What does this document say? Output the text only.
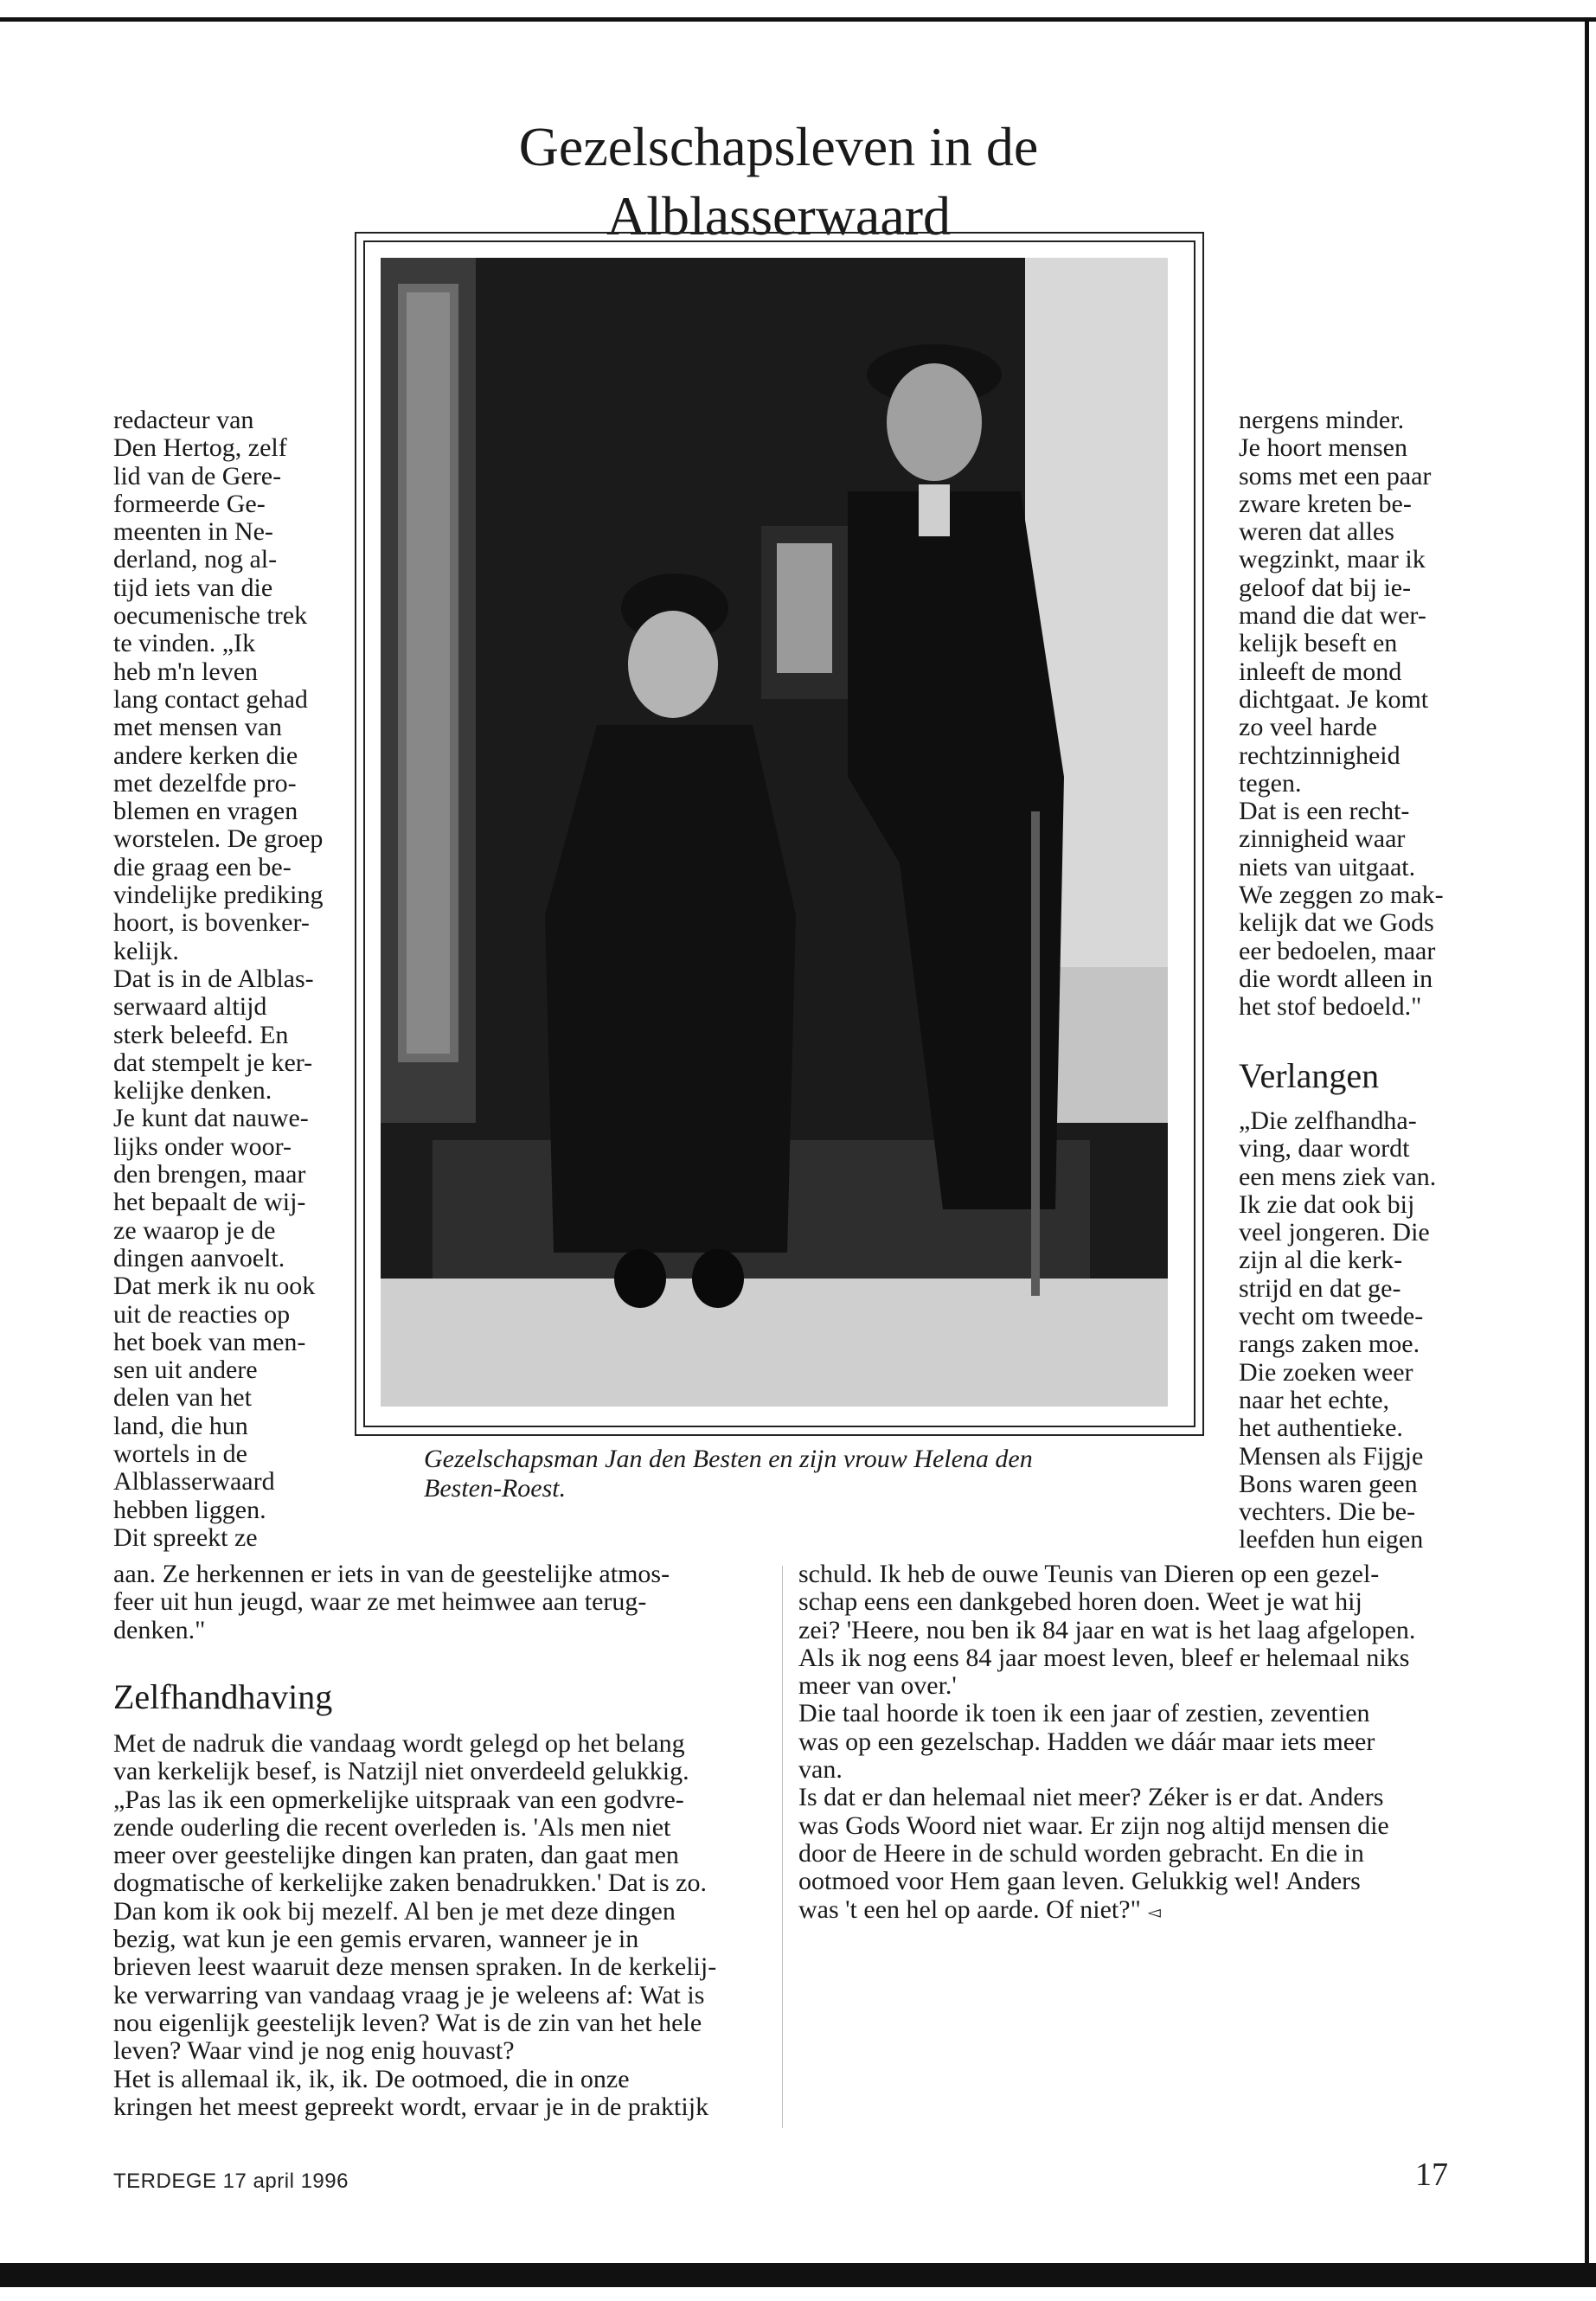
Gezelschapsleven in de Alblasserwaard
Gezelschapsman Jan den Besten en zijn vrouw Helena den
Besten-Roest.

redacteur van

Den Hertog, zelf

lid van de Gere-

formeerde Ge-

meenten in Ne-

derland, nog al-

tijd iets van die

oecumenische trek

te vinden. „Ik

heb m'n leven

lang contact gehad

met mensen van

andere kerken die

met dezelfde pro-

blemen en vragen

worstelen. De groep

die graag een be-

vindelijke prediking

hoort, is bovenker-

kelijk.

Dat is in de Alblas-

serwaard altijd

sterk beleefd. En

dat stempelt je ker-

kelijke denken.

Je kunt dat nauwe-

lijks onder woor-

den brengen, maar

het bepaalt de wij-

ze waarop je de

dingen aanvoelt.

Dat merk ik nu ook

uit de reacties op

het boek van men-

sen uit andere

delen van het

land, die hun

wortels in de

Alblasserwaard

hebben liggen.

Dit spreekt ze

nergens minder.

Je hoort mensen

soms met een paar

zware kreten be-

weren dat alles

wegzinkt, maar ik

geloof dat bij ie-

mand die dat wer-

kelijk beseft en

inleeft de mond

dichtgaat. Je komt

zo veel harde

rechtzinnigheid

tegen.

Dat is een recht-

zinnigheid waar

niets van uitgaat.

We zeggen zo mak-

kelijk dat we Gods

eer bedoelen, maar

die wordt alleen in

het stof bedoeld."

Verlangen

„Die zelfhandha-

ving, daar wordt

een mens ziek van.

Ik zie dat ook bij

veel jongeren. Die

zijn al die kerk-

strijd en dat ge-

vecht om tweede-

rangs zaken moe.

Die zoeken weer

naar het echte,

het authentieke.

Mensen als Fijgje

Bons waren geen

vechters. Die be-

leefden hun eigen

aan. Ze herkennen er iets in van de geestelijke atmos-

feer uit hun jeugd, waar ze met heimwee aan terug-

denken."

Zelfhandhaving

Met de nadruk die vandaag wordt gelegd op het belang

van kerkelijk besef, is Natzijl niet onverdeeld gelukkig.

„Pas las ik een opmerkelijke uitspraak van een godvre-

zende ouderling die recent overleden is. 'Als men niet

meer over geestelijke dingen kan praten, dan gaat men

dogmatische of kerkelijke zaken benadrukken.' Dat is zo.

Dan kom ik ook bij mezelf. Al ben je met deze dingen

bezig, wat kun je een gemis ervaren, wanneer je in

brieven leest waaruit deze mensen spraken. In de kerkelij-

ke verwarring van vandaag vraag je je weleens af: Wat is

nou eigenlijk geestelijk leven? Wat is de zin van het hele

leven? Waar vind je nog enig houvast?

Het is allemaal ik, ik, ik. De ootmoed, die in onze

kringen het meest gepreekt wordt, ervaar je in de praktijk

schuld. Ik heb de ouwe Teunis van Dieren op een gezel-

schap eens een dankgebed horen doen. Weet je wat hij

zei? 'Heere, nou ben ik 84 jaar en wat is het laag afgelopen.

Als ik nog eens 84 jaar moest leven, bleef er helemaal niks

meer van over.'

Die taal hoorde ik toen ik een jaar of zestien, zeventien

was op een gezelschap. Hadden we dáár maar iets meer

van.

Is dat er dan helemaal niet meer? Zéker is er dat. Anders

was Gods Woord niet waar. Er zijn nog altijd mensen die

door de Heere in de schuld worden gebracht. En die in

ootmoed voor Hem gaan leven. Gelukkig wel! Anders

was 't een hel op aarde. Of niet?" ◅

TERDEGE 17 april 1996	17
